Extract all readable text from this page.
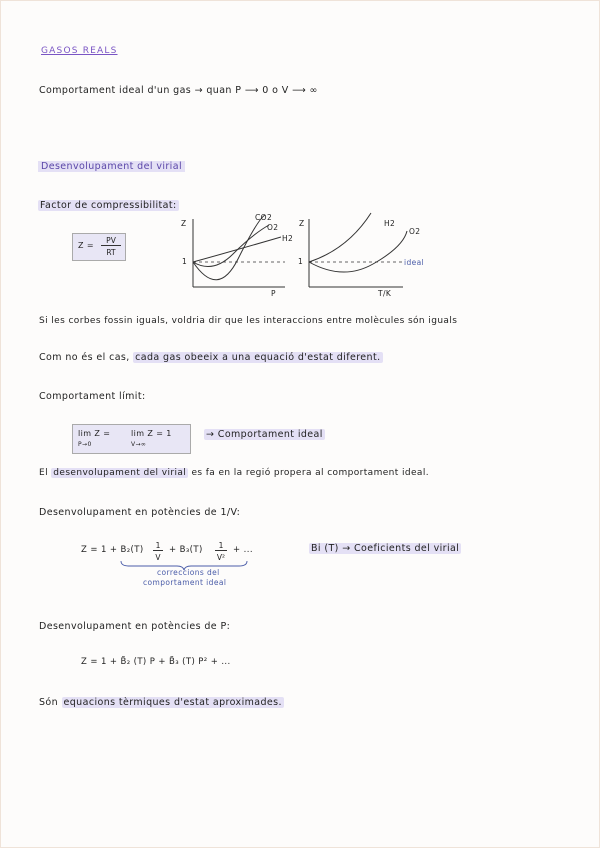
GASOS REALS
Comportament ideal d'un gas → quan P ⟶ 0 o V ⟶ ∞
Desenvolupament del virial
Factor de compressibilitat:
Z =
PV
RT
Z
1
P
CO2
O2
H2
Z
1
T/K
H2
O2
ideal
Si les corbes fossin iguals, voldria dir que les interaccions entre molècules són iguals
Com no és el cas, cada gas obeeix a una equació d'estat diferent.
Comportament límit:
lim Z =
P→0
lim Z = 1
V→∞
→ Comportament ideal
El desenvolupament del virial es fa en la regió propera al comportament ideal.
Desenvolupament en potències de 1/V:
Z = 1 + B₂(T)	1
V
+ B₃(T)	1
V²
+ ...
correccions del
comportament ideal
Bi (T) → Coeficients del virial
Desenvolupament en potències de P:
Z = 1 + B̃₂ (T) P + B̃₃ (T) P² + ...
Són equacions tèrmiques d'estat aproximades.
